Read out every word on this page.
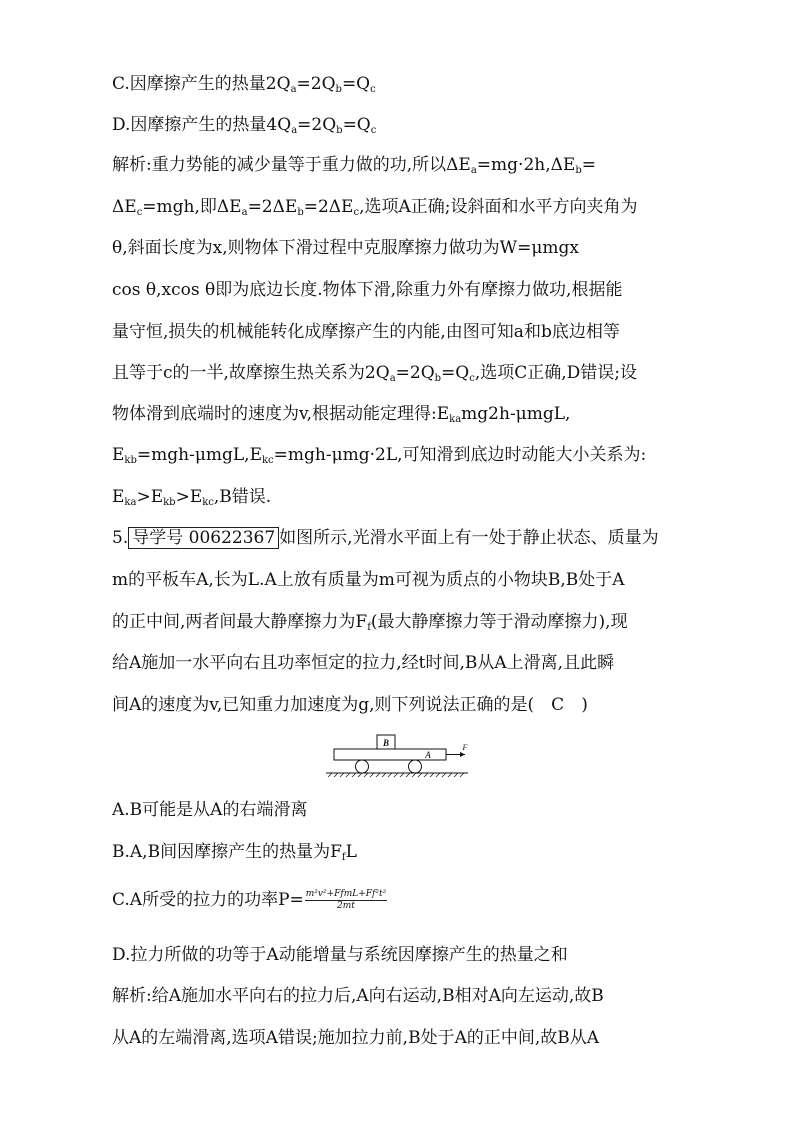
C.因摩擦产生的热量$2Q_a=2Q_b=Q_c$
D.因摩擦产生的热量$4Q_a=2Q_b=Q_c$
解析:重力势能的减少量等于重力做的功,所以$\Delta E_a=mg\cdot 2h,\Delta E_b=$
$\Delta E_c=mgh$,即$\Delta E_a=2\Delta E_b=2\Delta E_c$,选项A正确;设斜面和水平方向夹角为
θ,斜面长度为x,则物体下滑过程中克服摩擦力做功为W=μmgx
cos θ,xcos θ即为底边长度.物体下滑,除重力外有摩擦力做功,根据能
量守恒,损失的机械能转化成摩擦产生的内能,由图可知a和b底边相等
且等于c的一半,故摩擦生热关系为$2Q_a=2Q_b=Q_c$,选项C正确,D错误;设
物体滑到底端时的速度为v,根据动能定理得$:E_{ka}mg2h$-μmgL,
$E_{kb}=mgh-\mu mgL,E_{kc}=mgh-\mu mg\cdot 2L$,可知滑到底边时动能大小关系为:
$E_{ka}>E_{kb}>E_{kc},B$错误.
5. 导学号 00622367 如图所示,光滑水平面上有一处于静止状态、质量为
m的平板车A,长为L.A上放有质量为m可视为质点的小物块B,B处于A
的正中间,两者间最大静摩擦力为$F_f$(最大静摩擦力等于滑动摩擦力),现
给A施加一水平向右且功率恒定的拉力,经t时间,B从A上滑离,且此瞬
间A的速度为v,已知重力加速度为g,则下列说法正确的是(　C　)
B
A
F
A.B可能是从A的右端滑离
B.A,B间因摩擦产生的热量为$F_fL$
C.A所受的拉力的功率$P= \frac{\text{m²v²+FfmL+Ff²t²}}{2mt}$
D.拉力所做的功等于A动能增量与系统因摩擦产生的热量之和
解析:给A施加水平向右的拉力后,A向右运动,B相对A向左运动,故B
从A的左端滑离,选项A错误;施加拉力前,B处于A的正中间,故B从A
